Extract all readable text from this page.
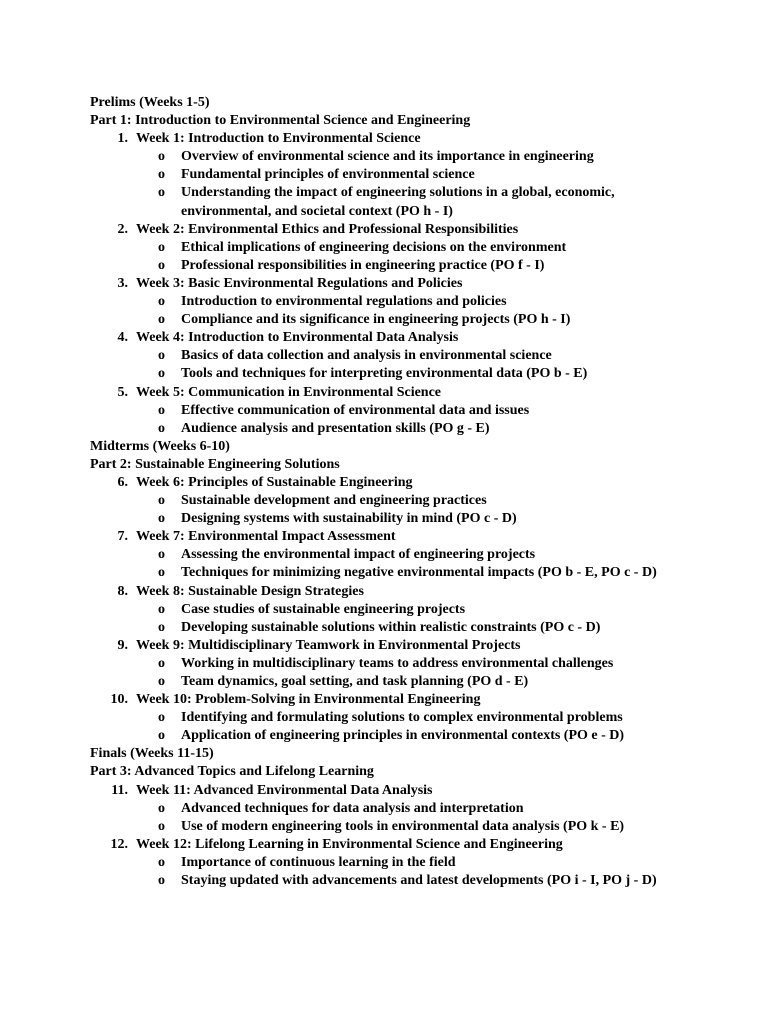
Prelims (Weeks 1-5)
Part 1: Introduction to Environmental Science and Engineering
1. Week 1: Introduction to Environmental Science
o Overview of environmental science and its importance in engineering
o Fundamental principles of environmental science
o Understanding the impact of engineering solutions in a global, economic, environmental, and societal context (PO h - I)
2. Week 2: Environmental Ethics and Professional Responsibilities
o Ethical implications of engineering decisions on the environment
o Professional responsibilities in engineering practice (PO f - I)
3. Week 3: Basic Environmental Regulations and Policies
o Introduction to environmental regulations and policies
o Compliance and its significance in engineering projects (PO h - I)
4. Week 4: Introduction to Environmental Data Analysis
o Basics of data collection and analysis in environmental science
o Tools and techniques for interpreting environmental data (PO b - E)
5. Week 5: Communication in Environmental Science
o Effective communication of environmental data and issues
o Audience analysis and presentation skills (PO g - E)
Midterms (Weeks 6-10)
Part 2: Sustainable Engineering Solutions
6. Week 6: Principles of Sustainable Engineering
o Sustainable development and engineering practices
o Designing systems with sustainability in mind (PO c - D)
7. Week 7: Environmental Impact Assessment
o Assessing the environmental impact of engineering projects
o Techniques for minimizing negative environmental impacts (PO b - E, PO c - D)
8. Week 8: Sustainable Design Strategies
o Case studies of sustainable engineering projects
o Developing sustainable solutions within realistic constraints (PO c - D)
9. Week 9: Multidisciplinary Teamwork in Environmental Projects
o Working in multidisciplinary teams to address environmental challenges
o Team dynamics, goal setting, and task planning (PO d - E)
10. Week 10: Problem-Solving in Environmental Engineering
o Identifying and formulating solutions to complex environmental problems
o Application of engineering principles in environmental contexts (PO e - D)
Finals (Weeks 11-15)
Part 3: Advanced Topics and Lifelong Learning
11. Week 11: Advanced Environmental Data Analysis
o Advanced techniques for data analysis and interpretation
o Use of modern engineering tools in environmental data analysis (PO k - E)
12. Week 12: Lifelong Learning in Environmental Science and Engineering
o Importance of continuous learning in the field
o Staying updated with advancements and latest developments (PO i - I, PO j - D)
